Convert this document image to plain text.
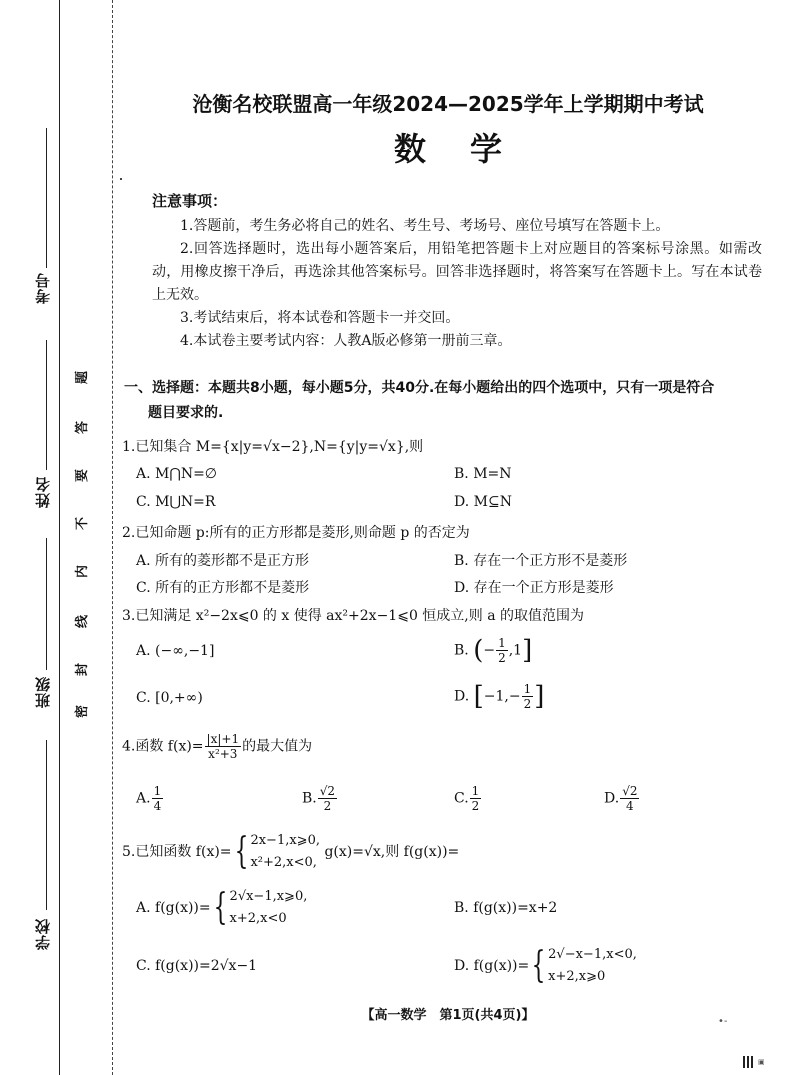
考号
姓名
班级
学校
题
答
要
不
内
线
封
密
沧衡名校联盟高一年级2024—2025学年上学期期中考试
数学
注意事项：

1.答题前，考生务必将自己的姓名、考生号、考场号、座位号填写在答题卡上。

2.回答选择题时，选出每小题答案后，用铅笔把答题卡上对应题目的答案标号涂黑。如需改动，用橡皮擦干净后，再选涂其他答案标号。回答非选择题时，将答案写在答题卡上。写在本试卷上无效。

3.考试结束后，将本试卷和答题卡一并交回。

4.本试卷主要考试内容：人教A版必修第一册前三章。

一、选择题：本题共8小题，每小题5分，共40分.在每小题给出的四个选项中，只有一项是符合
题目要求的.
1.已知集合 M={x|y=√x−2},N={y|y=√x},则
A. M⋂N=∅	B. M=N
C. M⋃N=R	D. M⊆N
2.已知命题 p:所有的正方形都是菱形,则命题 p 的否定为
A. 所有的菱形都不是正方形	B. 存在一个正方形不是菱形
C. 所有的正方形都不是菱形	D. 存在一个正方形是菱形
3.已知满足 x²−2x⩽0 的 x 使得 ax²+2x−1⩽0 恒成立,则 a 的取值范围为
A. (−∞,−1]	B. (− $\frac{1}{2} ,1$]
C. [0,+∞)	D. [$-1,- \frac{1}{2}$ ]
4.函数 $f(x)= \frac{|x|+1}{\text{x²+3}}$ 的最大值为
A. $\frac{1}{4}$	B. $\frac{√2}{2}$	C. $\frac{1}{2}$	D. $\frac{√2}{4}$
5.已知函数 f(x)={ 2x−1,x⩾0,
x²+2,x<0,
g(x)=√x,则 f(g(x))=
A. f(g(x))={ 2√x−1,x⩾0,
x+2,x<0
B. f(g(x))=x+2
C. f(g(x))=2√x−1	D. f(g(x))={ 2√−x−1,x<0,
x+2,x⩾0
【高一数学　第1页(共4页)】	•-
▣
